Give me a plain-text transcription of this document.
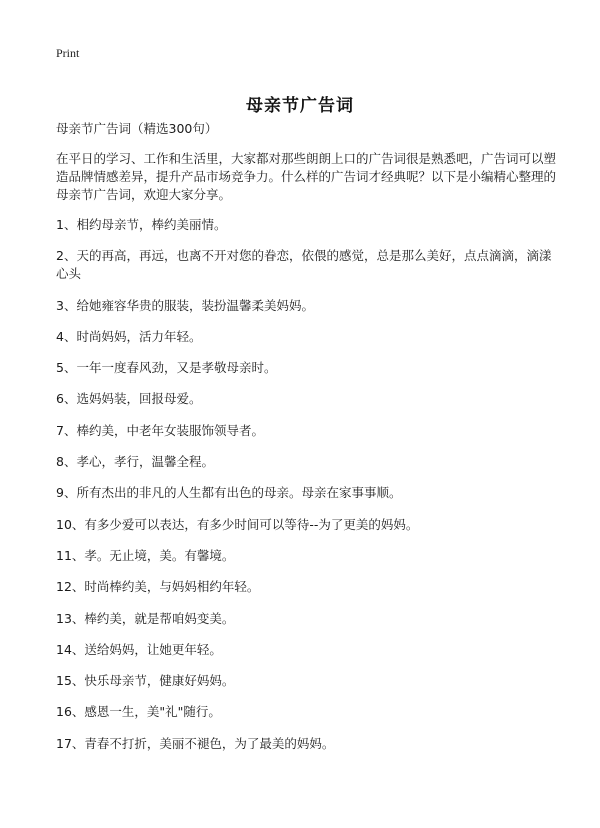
Print
母亲节广告词

母亲节广告词（精选300句）

在平日的学习、工作和生活里，大家都对那些朗朗上口的广告词很是熟悉吧，广告词可以塑造品牌情感差异，提升产品市场竞争力。什么样的广告词才经典呢？以下是小编精心整理的母亲节广告词，欢迎大家分享。

1、相约母亲节，棒约美丽情。
2、天的再高，再远，也离不开对您的眷恋，依偎的感觉，总是那么美好，点点滴滴，滴漾心头
3、给她雍容华贵的服装，装扮温馨柔美妈妈。
4、时尚妈妈，活力年轻。
5、一年一度春风劲，又是孝敬母亲时。
6、选妈妈装，回报母爱。
7、棒约美，中老年女装服饰领导者。
8、孝心，孝行，温馨全程。
9、所有杰出的非凡的人生都有出色的母亲。母亲在家事事顺。
10、有多少爱可以表达，有多少时间可以等待--为了更美的妈妈。
11、孝。无止境，美。有馨境。
12、时尚棒约美，与妈妈相约年轻。
13、棒约美，就是帮咱妈变美。
14、送给妈妈，让她更年轻。
15、快乐母亲节，健康好妈妈。
16、感恩一生，美"礼"随行。
17、青春不打折，美丽不褪色，为了最美的妈妈。
